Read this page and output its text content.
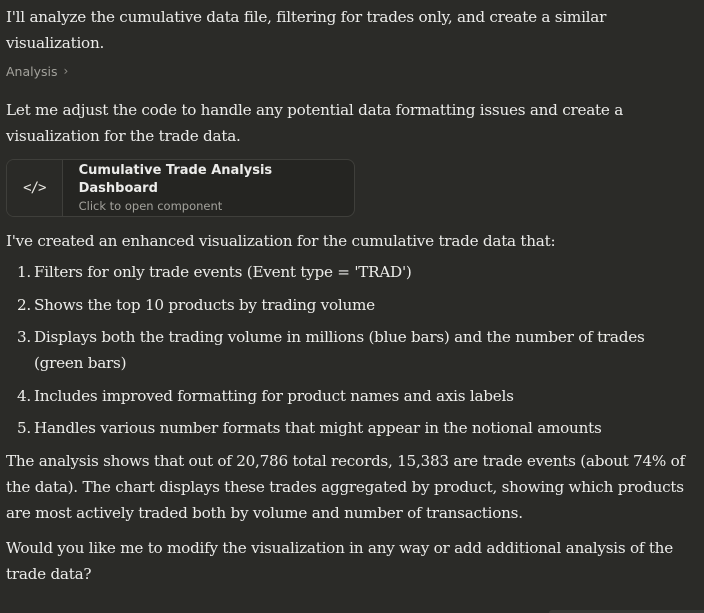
I'll analyze the cumulative data file, filtering for trades only, and create a similar visualization.

Analysis ›

Let me adjust the code to handle any potential data formatting issues and create a visualization for the trade data.

</>
Cumulative Trade Analysis Dashboard
Click to open component

I've created an enhanced visualization for the cumulative trade data that:

1. Filters for only trade events (Event type = 'TRAD')
2. Shows the top 10 products by trading volume
3. Displays both the trading volume in millions (blue bars) and the number of trades (green bars)
4. Includes improved formatting for product names and axis labels
5. Handles various number formats that might appear in the notional amounts

The analysis shows that out of 20,786 total records, 15,383 are trade events (about 74% of the data). The chart displays these trades aggregated by product, showing which products are most actively traded both by volume and number of transactions.

Would you like me to modify the visualization in any way or add additional analysis of the trade data?
